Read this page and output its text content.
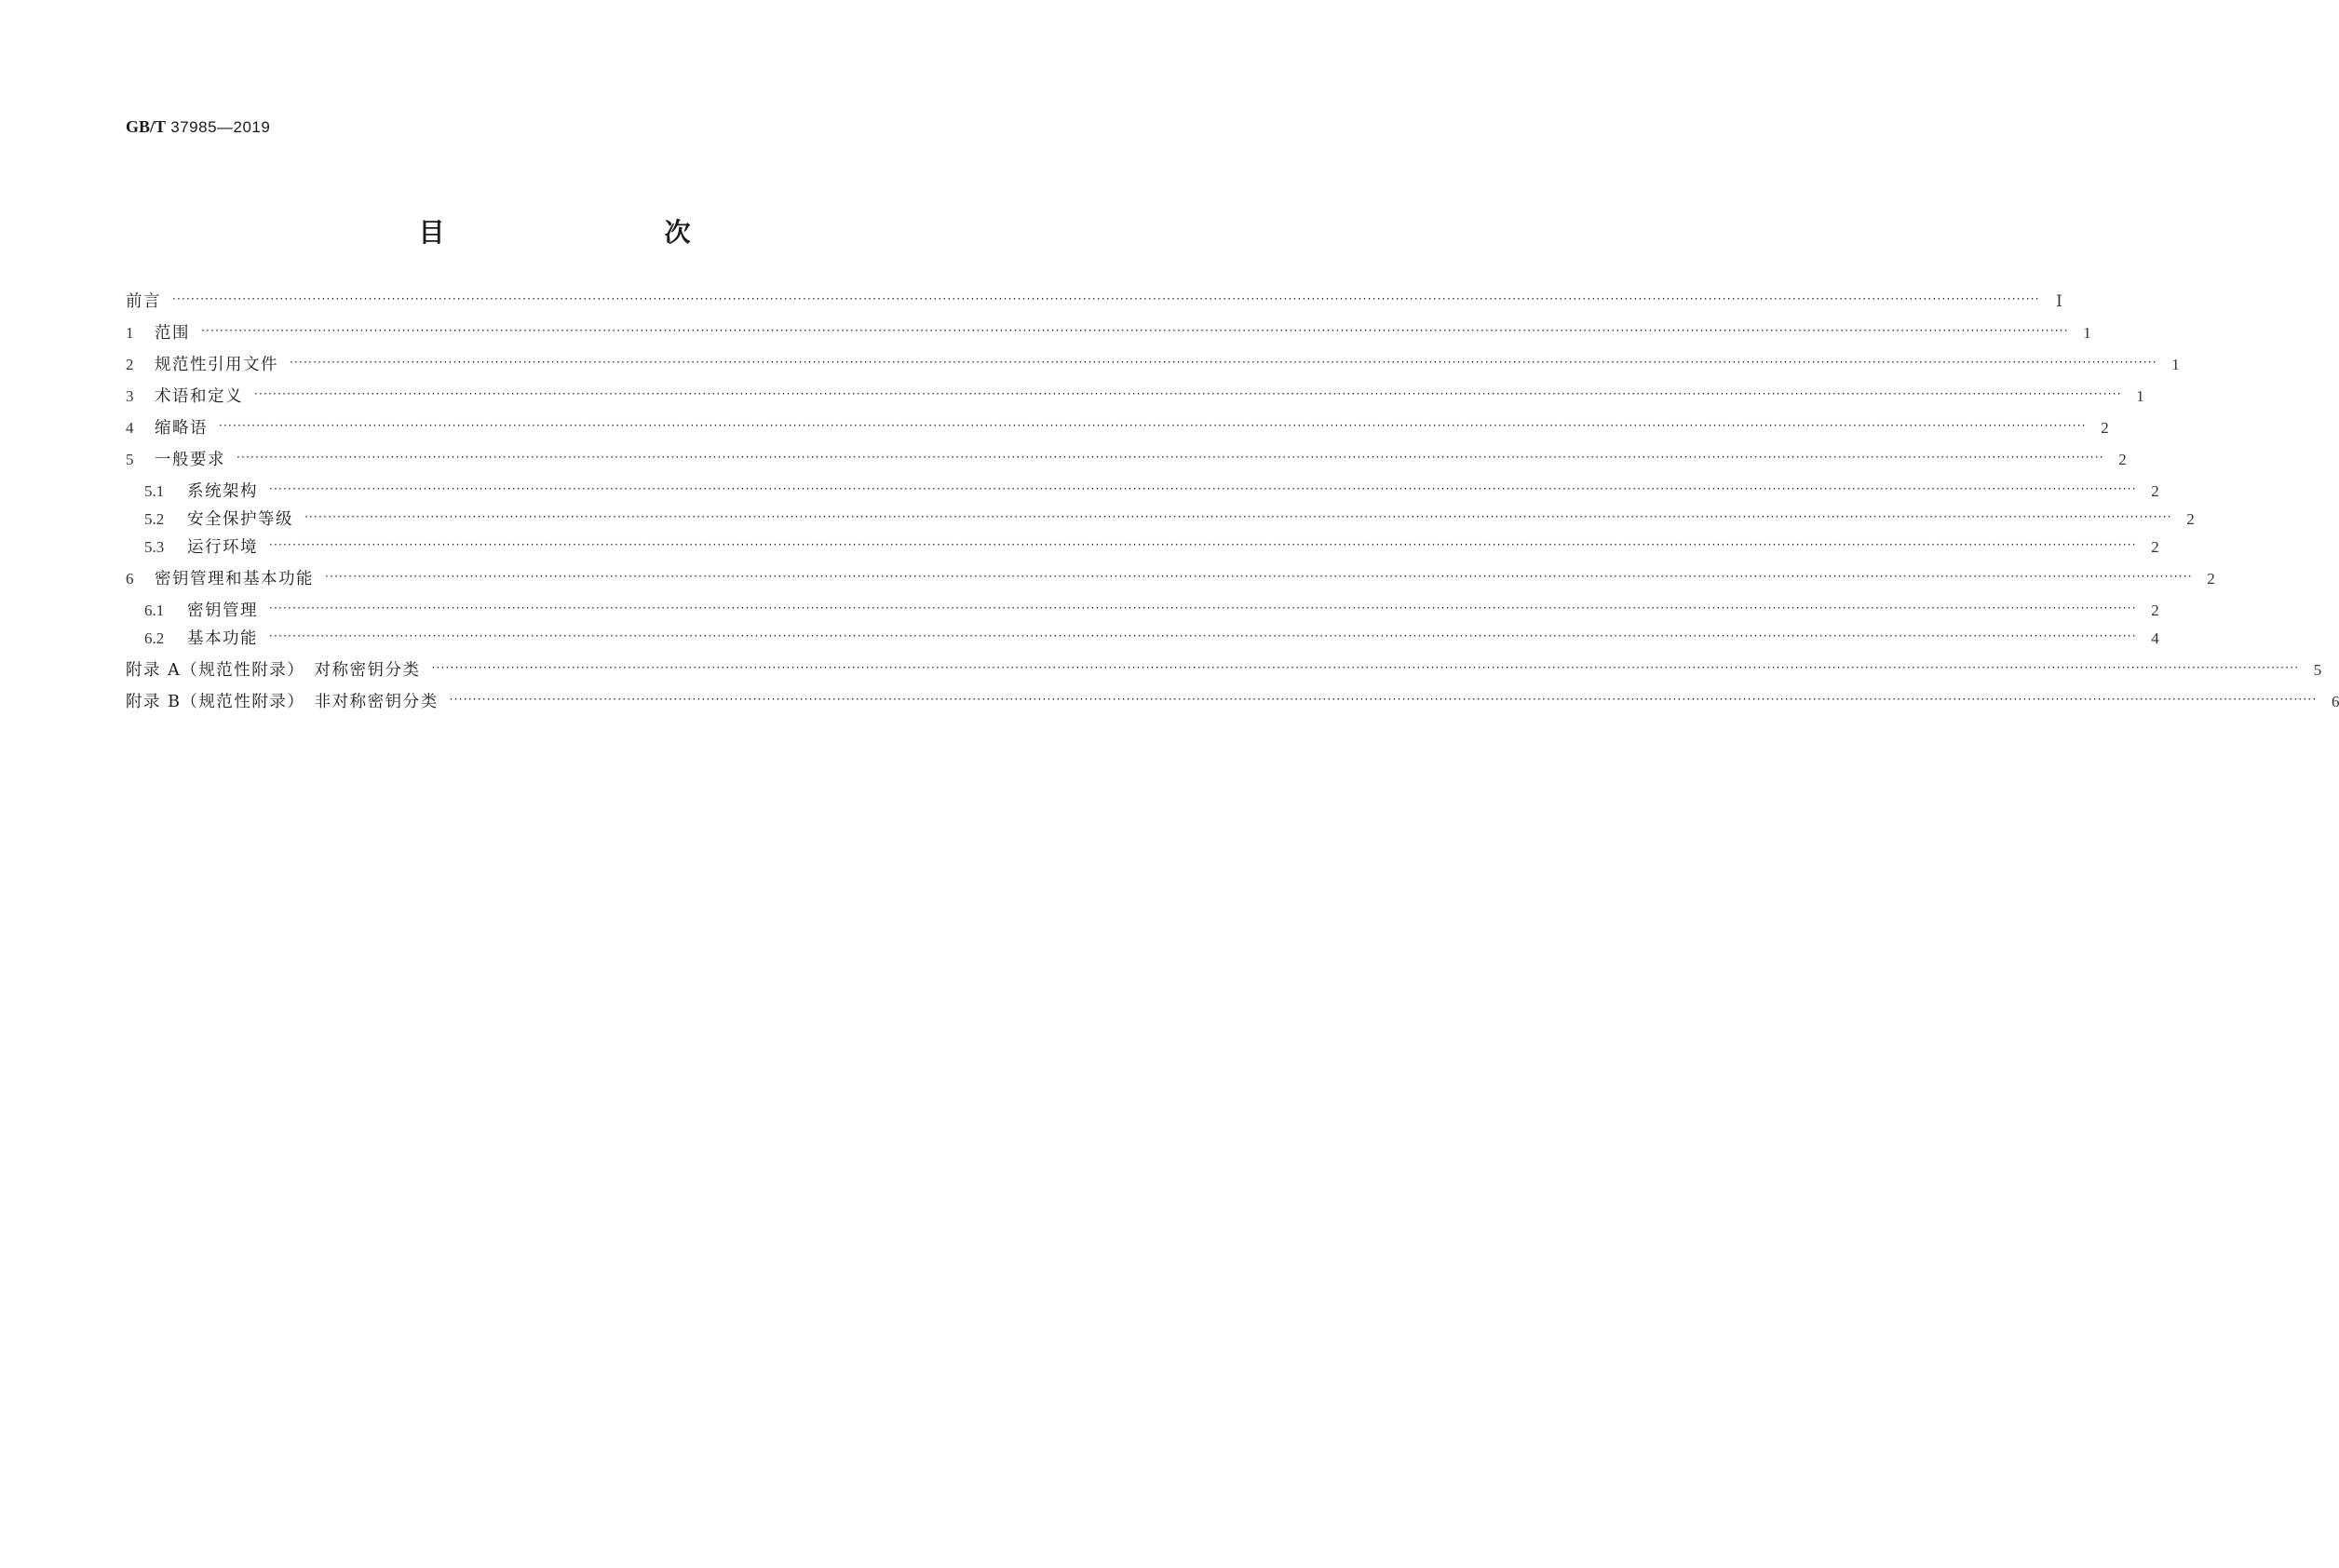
GB/T 37985—2019
目　　次
前言 ················································································································································································································································································································································································································ Ⅰ
1	范围 ················································································································································································································································································································································································································ 1
2	规范性引用文件 ················································································································································································································································································································································································································ 1
3	术语和定义 ················································································································································································································································································································································································································ 1
4	缩略语 ················································································································································································································································································································································································································ 2
5	一般要求 ················································································································································································································································································································································································································ 2
5.1	系统架构 ················································································································································································································································································································································································································ 2
5.2	安全保护等级 ················································································································································································································································································································································································································ 2
5.3	运行环境 ················································································································································································································································································································································································································ 2
6	密钥管理和基本功能 ················································································································································································································································································································································································································ 2
6.1	密钥管理 ················································································································································································································································································································································································································ 2
6.2	基本功能 ················································································································································································································································································································································································································ 4
附录 A（规范性附录）　对称密钥分类 ················································································································································································································································································································································································································ 5
附录 B（规范性附录）　非对称密钥分类 ················································································································································································································································································································································································································ 6
